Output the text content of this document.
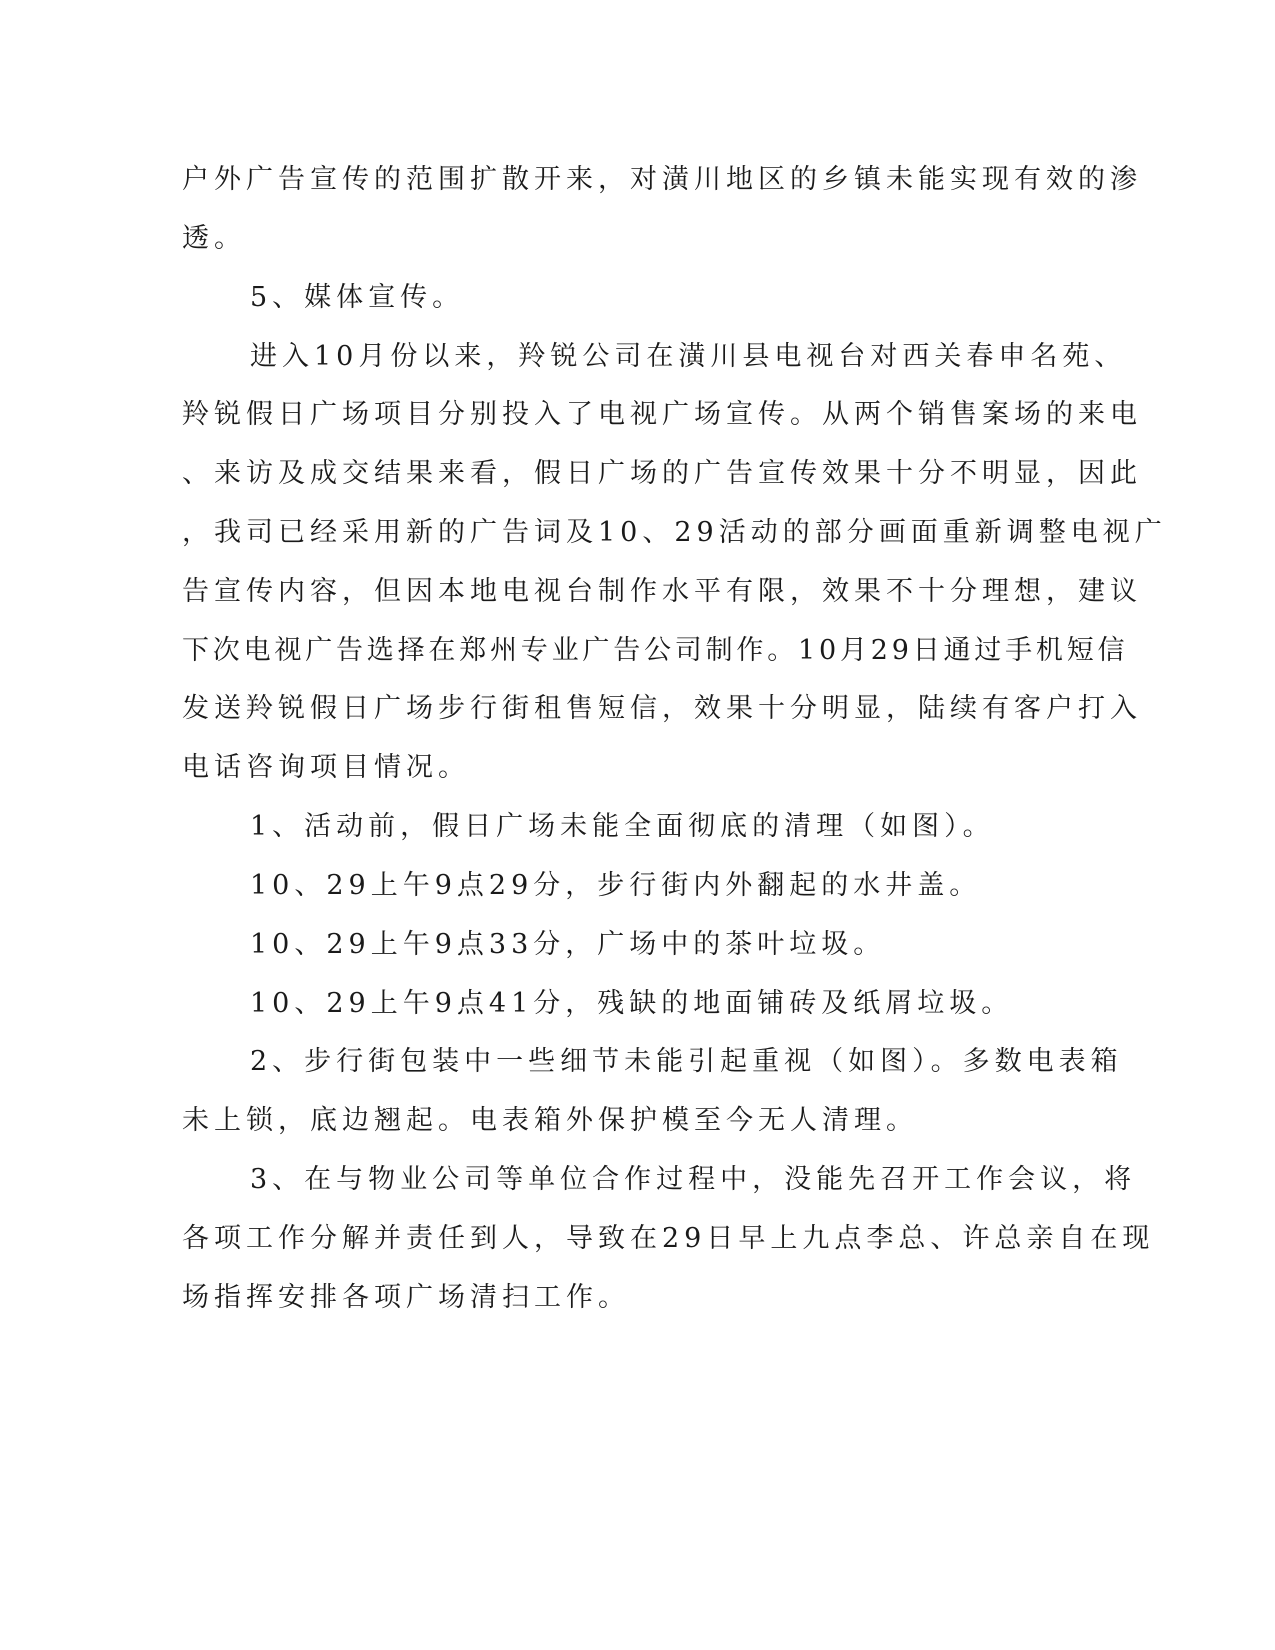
户外广告宣传的范围扩散开来，对潢川地区的乡镇未能实现有效的渗
透。
5、媒体宣传。
进入10月份以来，羚锐公司在潢川县电视台对西关春申名苑、
羚锐假日广场项目分别投入了电视广场宣传。从两个销售案场的来电
、来访及成交结果来看，假日广场的广告宣传效果十分不明显，因此
，我司已经采用新的广告词及10、29活动的部分画面重新调整电视广
告宣传内容，但因本地电视台制作水平有限，效果不十分理想，建议
下次电视广告选择在郑州专业广告公司制作。10月29日通过手机短信
发送羚锐假日广场步行街租售短信，效果十分明显，陆续有客户打入
电话咨询项目情况。
1、活动前，假日广场未能全面彻底的清理（如图）。
10、29上午9点29分，步行街内外翻起的水井盖。
10、29上午9点33分，广场中的茶叶垃圾。
10、29上午9点41分，残缺的地面铺砖及纸屑垃圾。
2、步行街包装中一些细节未能引起重视（如图）。多数电表箱
未上锁，底边翘起。电表箱外保护模至今无人清理。
3、在与物业公司等单位合作过程中，没能先召开工作会议，将
各项工作分解并责任到人，导致在29日早上九点李总、许总亲自在现
场指挥安排各项广场清扫工作。
